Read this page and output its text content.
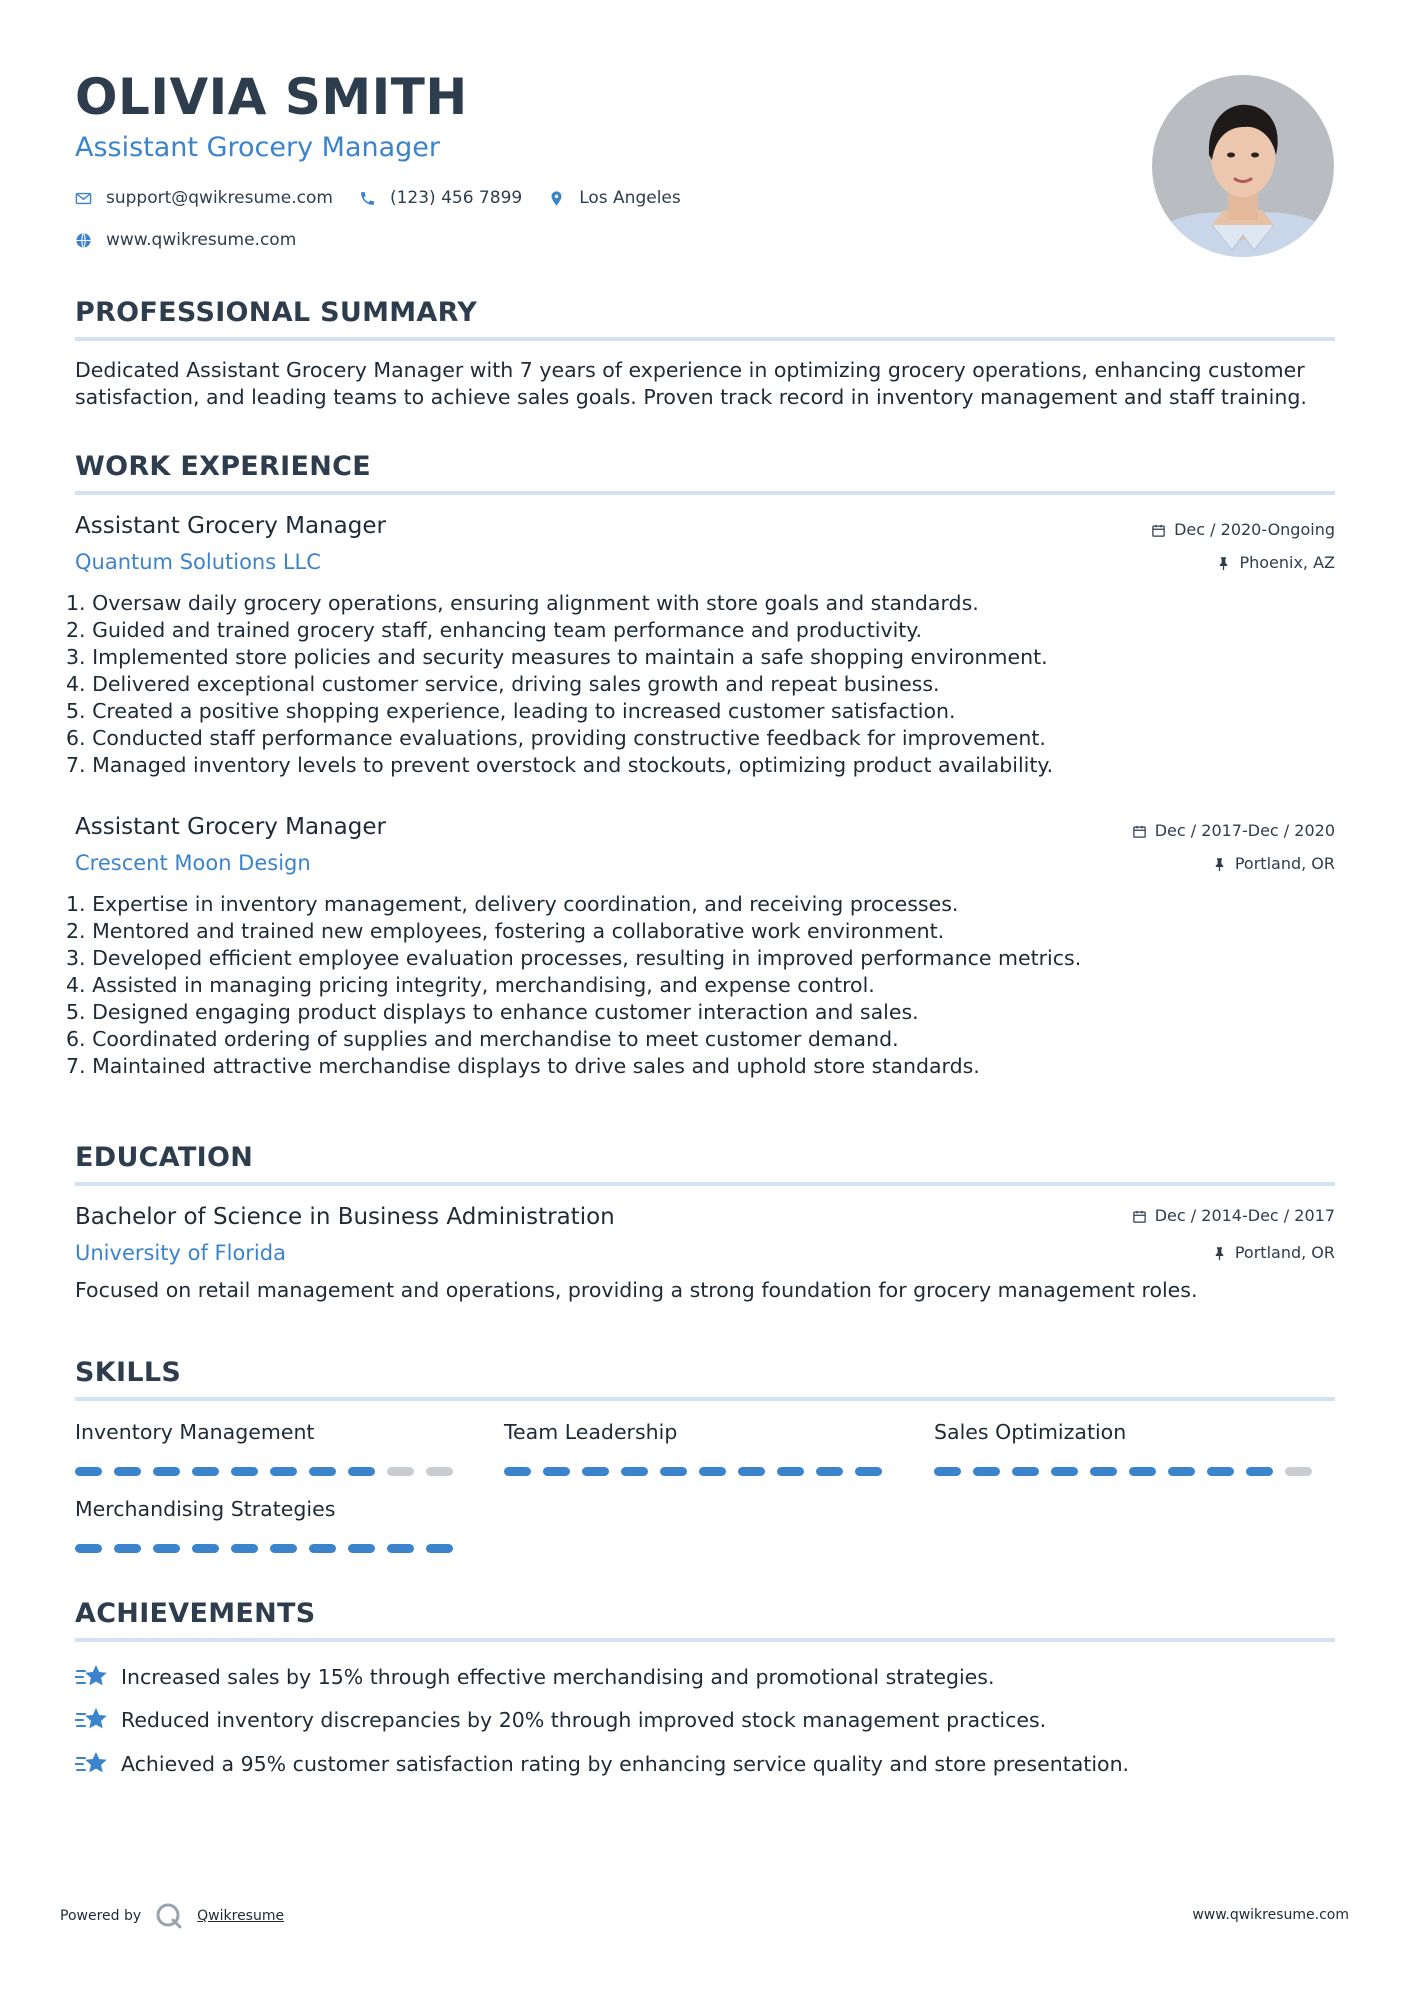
OLIVIA SMITH
Assistant Grocery Manager
support@qwikresume.com	(123) 456 7899	Los Angeles
www.qwikresume.com
PROFESSIONAL SUMMARY
Dedicated Assistant Grocery Manager with 7 years of experience in optimizing grocery operations, enhancing customer
satisfaction, and leading teams to achieve sales goals. Proven track record in inventory management and staff training.
WORK EXPERIENCE
Assistant Grocery Manager
Quantum Solutions LLC
Dec / 2020-Ongoing
Phoenix, AZ
1. Oversaw daily grocery operations, ensuring alignment with store goals and standards.
2. Guided and trained grocery staff, enhancing team performance and productivity.
3. Implemented store policies and security measures to maintain a safe shopping environment.
4. Delivered exceptional customer service, driving sales growth and repeat business.
5. Created a positive shopping experience, leading to increased customer satisfaction.
6. Conducted staff performance evaluations, providing constructive feedback for improvement.
7. Managed inventory levels to prevent overstock and stockouts, optimizing product availability.
Assistant Grocery Manager
Crescent Moon Design
Dec / 2017-Dec / 2020
Portland, OR
1. Expertise in inventory management, delivery coordination, and receiving processes.
2. Mentored and trained new employees, fostering a collaborative work environment.
3. Developed efficient employee evaluation processes, resulting in improved performance metrics.
4. Assisted in managing pricing integrity, merchandising, and expense control.
5. Designed engaging product displays to enhance customer interaction and sales.
6. Coordinated ordering of supplies and merchandise to meet customer demand.
7. Maintained attractive merchandise displays to drive sales and uphold store standards.
EDUCATION
Bachelor of Science in Business Administration
University of Florida
Dec / 2014-Dec / 2017
Portland, OR
Focused on retail management and operations, providing a strong foundation for grocery management roles.
SKILLS
Inventory Management	Team Leadership	Sales Optimization
Merchandising Strategies
ACHIEVEMENTS
Increased sales by 15% through effective merchandising and promotional strategies.
Reduced inventory discrepancies by 20% through improved stock management practices.
Achieved a 95% customer satisfaction rating by enhancing service quality and store presentation.
Powered by	Qwikresume	www.qwikresume.com
